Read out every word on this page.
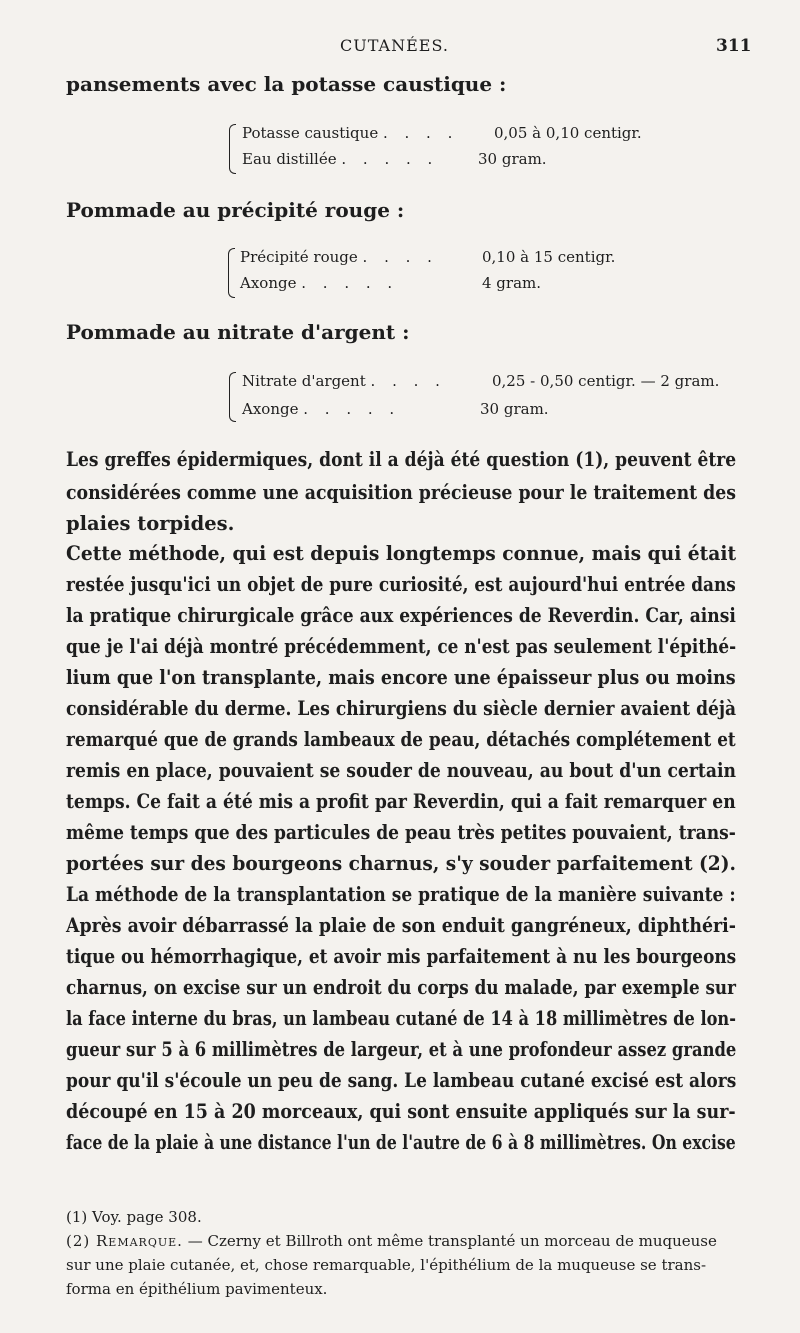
CUTANÉES.	311
pansements avec la potasse caustique :
Potasse caustique . . . . 0,05 à 0,10 centigr.
Eau distillée . . . . .	30 gram.
Pommade au précipité rouge :
Précipité rouge . . . .	0,10 à 15 centigr.
Axonge . . . . .	4 gram.
Pommade au nitrate d'argent :
Nitrate d'argent . . . .	0,25 - 0,50 centigr. — 2 gram.
Axonge . . . . .	30 gram.
Les greffes épidermiques, dont il a déjà été question (1), peuvent être
considérées comme une acquisition précieuse pour le traitement des
plaies torpides.
Cette méthode, qui est depuis longtemps connue, mais qui était
restée jusqu'ici un objet de pure curiosité, est aujourd'hui entrée dans
la pratique chirurgicale grâce aux expériences de Reverdin. Car, ainsi
que je l'ai déjà montré précédemment, ce n'est pas seulement l'épithé-
lium que l'on transplante, mais encore une épaisseur plus ou moins
considérable du derme. Les chirurgiens du siècle dernier avaient déjà
remarqué que de grands lambeaux de peau, détachés complétement et
remis en place, pouvaient se souder de nouveau, au bout d'un certain
temps. Ce fait a été mis a profit par Reverdin, qui a fait remarquer en
même temps que des particules de peau très petites pouvaient, trans-
portées sur des bourgeons charnus, s'y souder parfaitement (2).
La méthode de la transplantation se pratique de la manière suivante :
Après avoir débarrassé la plaie de son enduit gangréneux, diphthéri-
tique ou hémorrhagique, et avoir mis parfaitement à nu les bourgeons
charnus, on excise sur un endroit du corps du malade, par exemple sur
la face interne du bras, un lambeau cutané de 14 à 18 millimètres de lon-
gueur sur 5 à 6 millimètres de largeur, et à une profondeur assez grande
pour qu'il s'écoule un peu de sang. Le lambeau cutané excisé est alors
découpé en 15 à 20 morceaux, qui sont ensuite appliqués sur la sur-
face de la plaie à une distance l'un de l'autre de 6 à 8 millimètres. On excise
(1) Voy. page 308.
(2) Remarque. — Czerny et Billroth ont même transplanté un morceau de muqueuse
sur une plaie cutanée, et, chose remarquable, l'épithélium de la muqueuse se trans-
forma en épithélium pavimenteux.
